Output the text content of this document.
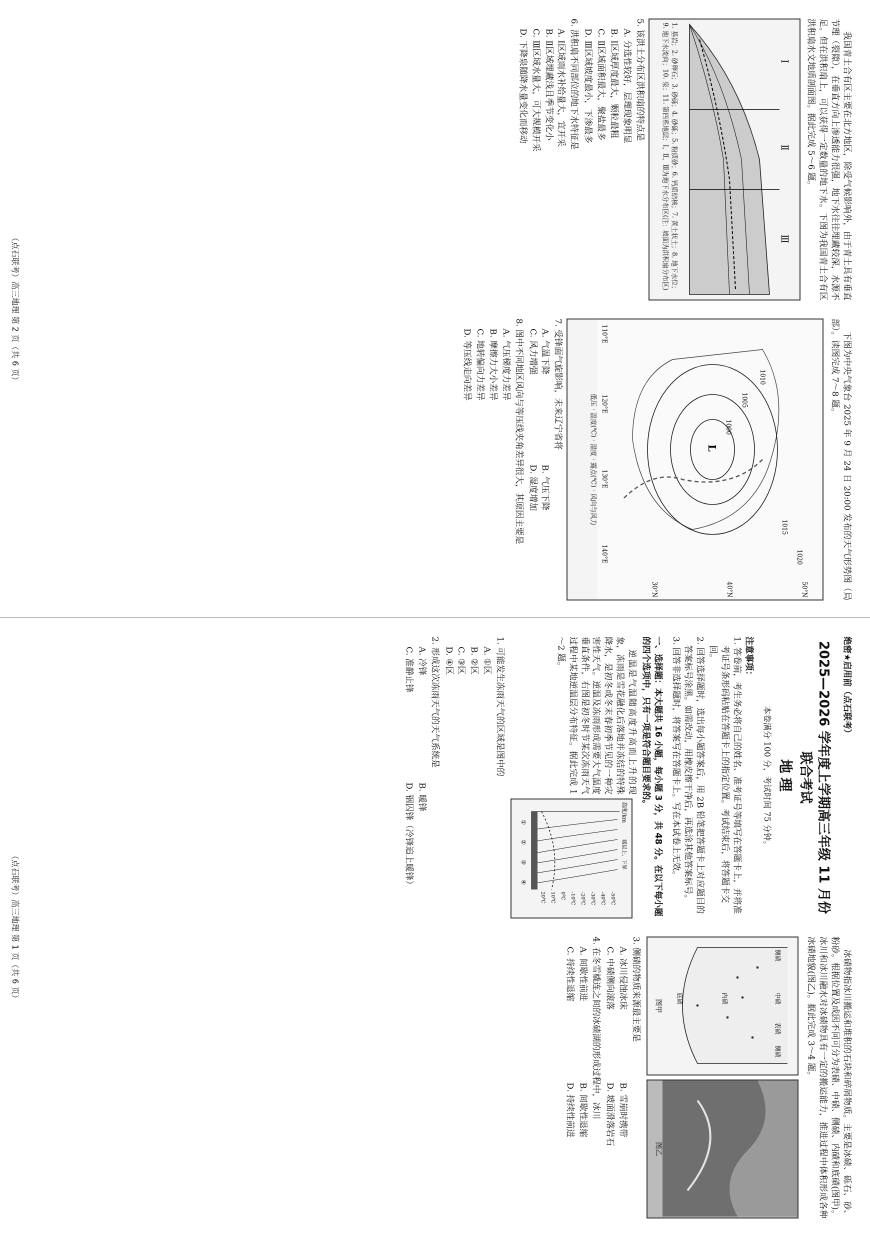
我国青土合有区主要在北方地区，除受气候影响外，由于青土具有垂直节理（裂隙），在垂直方向上渗透能力很强，地下水往往埋藏较深，水源不足。但在洪积扇上，可以获得一定数量的地下水。下图为我国青土合有区洪积扇水文地质剖面图。据此完成 5～6 题。

Ⅰ
Ⅱ
Ⅲ
1. 基岩；2. 砂卵石；3. 砂砾；4. 砂砾；5. 粉质砂；6. 钙质结核；7. 黄土状土；8. 地下水位；9. 地下水流向；10. 泉；11. 第四系地层；Ⅰ、Ⅱ、Ⅲ为地下水分布区(注：坡面为洪积扇分布区)

5. 该洪土分布区洪积扇的特点是

A. 分选性较好，层理现象明显
B. Ⅰ区域厚度最大，颗粒最粗
C. Ⅱ区域面积最大，聚盐最多
D. Ⅲ区域坡度最小，下渗最多

6. 洪积扇不同部位的地下水特征是

A. Ⅰ区域雨水补给量大，宜开采
B. Ⅱ区域埋藏浅且季节变化小
C. Ⅲ区域水量大，可大规模开采
D. 下降泉随降水量变化而移动

下图为中央气象台 2025 年 9 月 24 日 20:00 发布的天气形势图（局部）。读图完成 7～8 题。

L
1000
1005
1010
1015
1020
50°N
40°N
30°N
110°E
120°E
130°E
140°E
低压 · 温度(℃) · 湿度 · 露点(℃) · 风向与风力

7. 受锋面气旋影响，未来辽宁省将

A. 气温下降
B. 气压下降
C. 风力增强
D. 湿度增加

8. 图中不同地区风向与等压线夹角差异很大，其原因主要是

A. 气压梯度力差异
B. 摩擦力大小差异
C. 地转偏向力差异
D. 等压线走向差异
（点石联考）高三地理 第 2 页（共 6 页）
绝密★启用前（点石联考）
2025—2026 学年度上学期高三年级 11 月份联合考试
地理
本卷满分 100 分，考试时间 75 分钟。
注意事项：

1. 答卷前，考生务必将自己的姓名、准考证号等填写在答题卡上，并将准考证号条形码粘贴在答题卡上的指定位置。考试结束后，将答题卡交回。

2. 回答选择题时，选出每小题答案后，用 2B 铅笔把答题卡上对应题目的答案标号涂黑。如需改动，用橡皮擦干净后，再选涂其他答案标号。

3. 回答非选择题时，将答案写在答题卡上。写在本试卷上无效。

一、选择题：本大题共 16 小题，每小题 3 分，共 48 分。在以下每小题的四个选项中，只有一项是符合题目要求的。

逆温是气温随高度升高而上升的现象，冻雨是雪花融化后落地并冻结的特殊降水，是初冬或冬末春初季节见的一种灾害性天气。逆温及冻雨形成需要大气温度垂直条件，右图是初冬时节某次冻雨天气过程中某地逆温层分布特征。据此完成 1～2 题。

高度/km
暖层上、下界
-50℃
-40℃
-30℃
-20℃
-10℃
0℃
10℃
20℃
①
②
③
④

1. 可能发生冻雨天气的区域是图中的

A. ①区
B. ②区
C. ③区
D. ④区

2. 形成这次冻雨天气的天气系统是

A. 冷锋
B. 暖锋
C. 准静止锋
D. 铟囚锋（冷锋追上暖锋）

冰碛物指冰川搬运和堆积的石块和碎屑物质。主要是冰碛、砾石、砂、粉砂。根据位置及成因不同可分为表碛、中碛、侧碛、内碛和底碛(图甲)。冰川和冰川融水对冰碛物具有一定的搬运能力，推进过程中体积形成各种冰碛地貌(图乙)。据此完成 3～4 题。

侧碛
中碛
表碛
侧碛
内碛
底碛
图甲
图乙

3. 侧碛的物质来源最主要是

A. 冰川侵蚀冰床
B. 雪崩时携带
C. 中碛侧向滚落
D. 坡面滑落岩石

4. 在冬雪橇连之间的冰碛湖的形成过程中，冰川

A. 间歇性前进
B. 间歇性退缩
C. 持续性退缩
D. 持续性前进
（点石联考）高三地理 第 1 页（共 6 页）
